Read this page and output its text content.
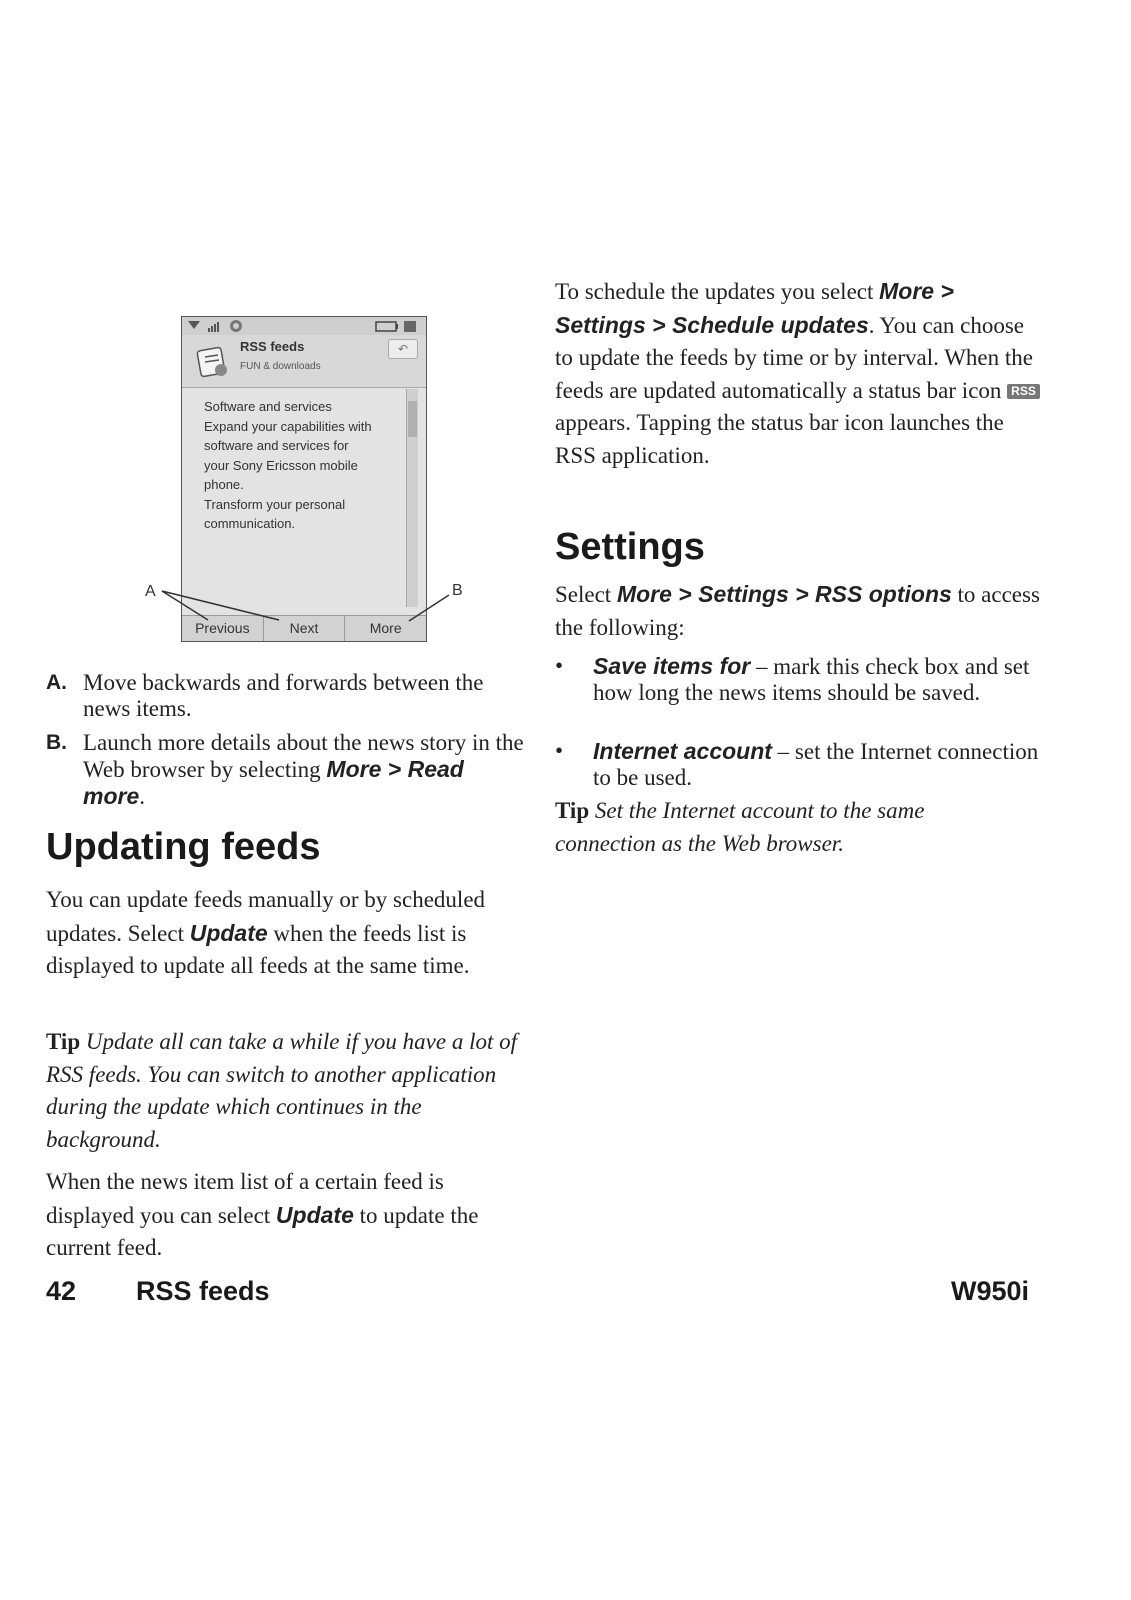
RSS feeds
FUN & downloads
↶
Software and services
Expand your capabilities with
software and services for
your Sony Ericsson mobile
phone.
Transform your personal
communication.
Previous	Next	More
A	B
A. Move backwards and forwards between the news items.
B. Launch more details about the news story in the Web browser by selecting More > Read more.
Updating feeds

You can update feeds manually or by scheduled updates. Select Update when the feeds list is displayed to update all feeds at the same time.

Tip Update all can take a while if you have a lot of RSS feeds. You can switch to another application during the update which continues in the background.

When the news item list of a certain feed is displayed you can select Update to update the current feed.

To schedule the updates you select More > Settings > Schedule updates. You can choose to update the feeds by time or by interval. When the feeds are updated automatically a status bar icon RSS appears. Tapping the status bar icon launches the RSS application.

Settings

Select More > Settings > RSS options to access the following:

• Save items for – mark this check box and set how long the news items should be saved.
• Internet account – set the Internet connection to be used.

Tip Set the Internet account to the same connection as the Web browser.

42 RSS feeds	W950i
